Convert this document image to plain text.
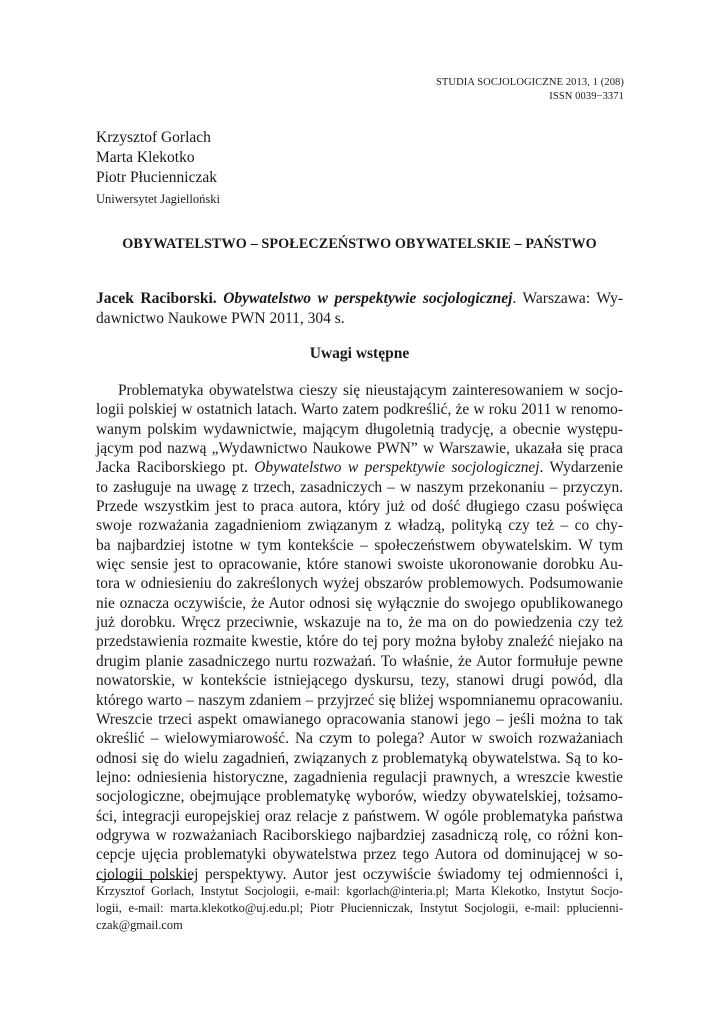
STUDIA SOCJOLOGICZNE 2013, 1 (208)
ISSN 0039−3371
Krzysztof Gorlach
Marta Klekotko
Piotr Płucienniczak
Uniwersytet Jagielloński
OBYWATELSTWO – SPOŁECZEŃSTWO OBYWATELSKIE – PAŃSTWO
Jacek Raciborski. Obywatelstwo w perspektywie socjologicznej. Warszawa: Wy-
dawnictwo Naukowe PWN 2011, 304 s.
Uwagi wstępne
Problematyka obywatelstwa cieszy się nieustającym zainteresowaniem w socjo-
logii polskiej w ostatnich latach. Warto zatem podkreślić, że w roku 2011 w renomo-
wanym polskim wydawnictwie, mającym długoletnią tradycję, a obecnie występu-
jącym pod nazwą „Wydawnictwo Naukowe PWN” w Warszawie, ukazała się praca
Jacka Raciborskiego pt. Obywatelstwo w perspektywie socjologicznej. Wydarzenie
to zasługuje na uwagę z trzech, zasadniczych – w naszym przekonaniu – przyczyn.
Przede wszystkim jest to praca autora, który już od dość długiego czasu poświęca
swoje rozważania zagadnieniom związanym z władzą, polityką czy też – co chy-
ba najbardziej istotne w tym kontekście – społeczeństwem obywatelskim. W tym
więc sensie jest to opracowanie, które stanowi swoiste ukoronowanie dorobku Au-
tora w odniesieniu do zakreślonych wyżej obszarów problemowych. Podsumowanie
nie oznacza oczywiście, że Autor odnosi się wyłącznie do swojego opublikowanego
już dorobku. Wręcz przeciwnie, wskazuje na to, że ma on do powiedzenia czy też
przedstawienia rozmaite kwestie, które do tej pory można byłoby znaleźć niejako na
drugim planie zasadniczego nurtu rozważań. To właśnie, że Autor formułuje pewne
nowatorskie, w kontekście istniejącego dyskursu, tezy, stanowi drugi powód, dla
którego warto – naszym zdaniem – przyjrzeć się bliżej wspomnianemu opracowaniu.
Wreszcie trzeci aspekt omawianego opracowania stanowi jego – jeśli można to tak
określić – wielowymiarowość. Na czym to polega? Autor w swoich rozważaniach
odnosi się do wielu zagadnień, związanych z problematyką obywatelstwa. Są to ko-
lejno: odniesienia historyczne, zagadnienia regulacji prawnych, a wreszcie kwestie
socjologiczne, obejmujące problematykę wyborów, wiedzy obywatelskiej, tożsamo-
ści, integracji europejskiej oraz relacje z państwem. W ogóle problematyka państwa
odgrywa w rozważaniach Raciborskiego najbardziej zasadniczą rolę, co różni kon-
cepcje ujęcia problematyki obywatelstwa przez tego Autora od dominującej w so-
cjologii polskiej perspektywy. Autor jest oczywiście świadomy tej odmienności i,
Krzysztof Gorlach, Instytut Socjologii, e-mail: kgorlach@interia.pl; Marta Klekotko, Instytut Socjo-
logii, e-mail: marta.klekotko@uj.edu.pl; Piotr Płucienniczak, Instytut Socjologii, e-mail: pplucienni-
czak@gmail.com
